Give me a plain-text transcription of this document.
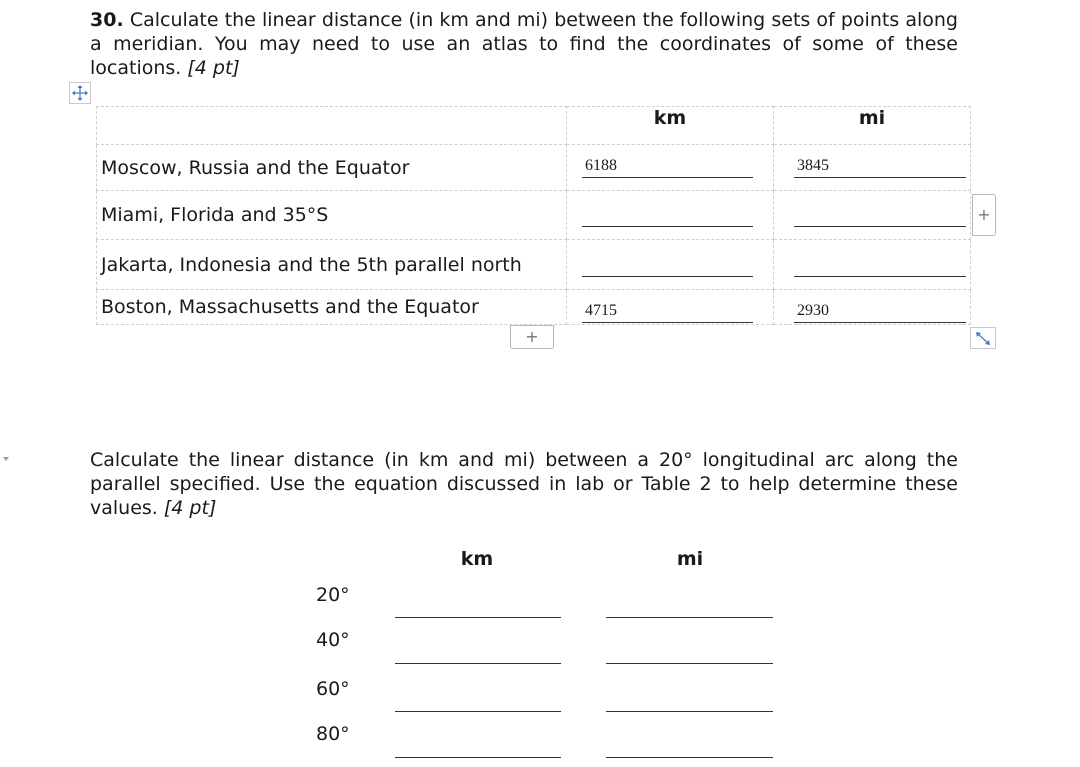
30. Calculate the linear distance (in km and mi) between the following sets of points along a meridian. You may need to use an atlas to find the coordinates of some of these locations. [4 pt]

	km	mi
Moscow, Russia and the Equator	6188	3845

Miami, Florida and 35°S	

Jakarta, Indonesia and the 5th parallel north	

Boston, Massachusetts and the Equator	4715	2930
+
+

Calculate the linear distance (in km and mi) between a 20° longitudinal arc along the parallel specified. Use the equation discussed in lab or Table 2 to help determine these values. [4 pt]

km	mi
20°
40°
60°
80°
